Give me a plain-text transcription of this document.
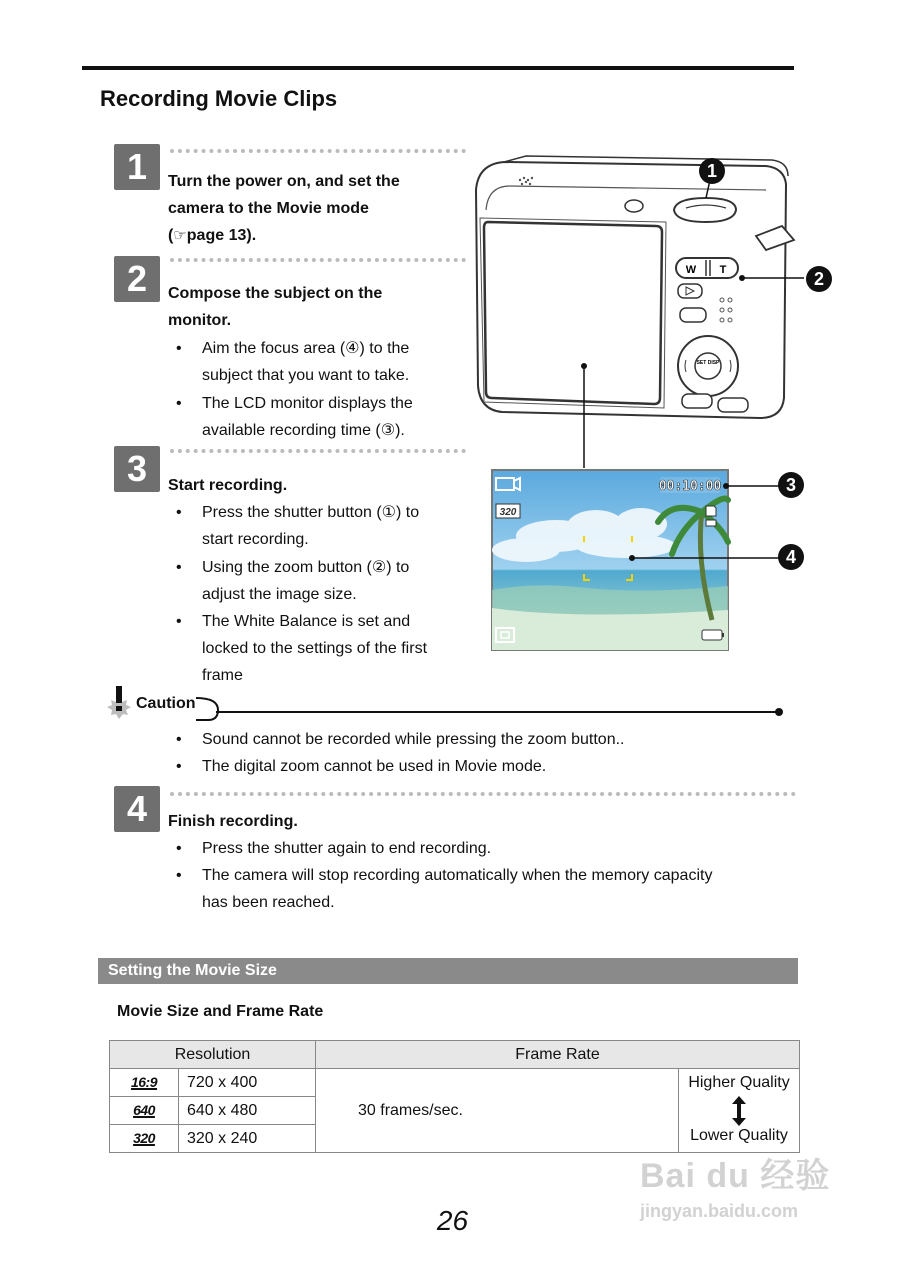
Recording Movie Clips
1	Turn the power on, and set the
camera to the Movie mode
(☞page 13).
2	Compose the subject on the
monitor.
• Aim the focus area (④) to the
subject that you want to take.
• The LCD monitor displays the
available recording time (③).
3	Start recording.
• Press the shutter button (①) to
start recording.
• Using the zoom button (②) to
adjust the image size.
• The White Balance is set and
locked to the settings of the first
frame
W T
SET DISP
00:10:00
320
1
2
3
4
Caution
• Sound cannot be recorded while pressing the zoom button..
• The digital zoom cannot be used in Movie mode.
4	Finish recording.
• Press the shutter again to end recording.
• The camera will stop recording automatically when the memory capacity
has been reached.
Setting the Movie Size
Movie Size and Frame Rate
Resolution		Frame Rate	
16:9	720 x 400	30 frames/sec.	Higher Quality
Lower Quality

640	640 x 480		
320	320 x 240		
26
Bai du 经验
jingyan.baidu.com
